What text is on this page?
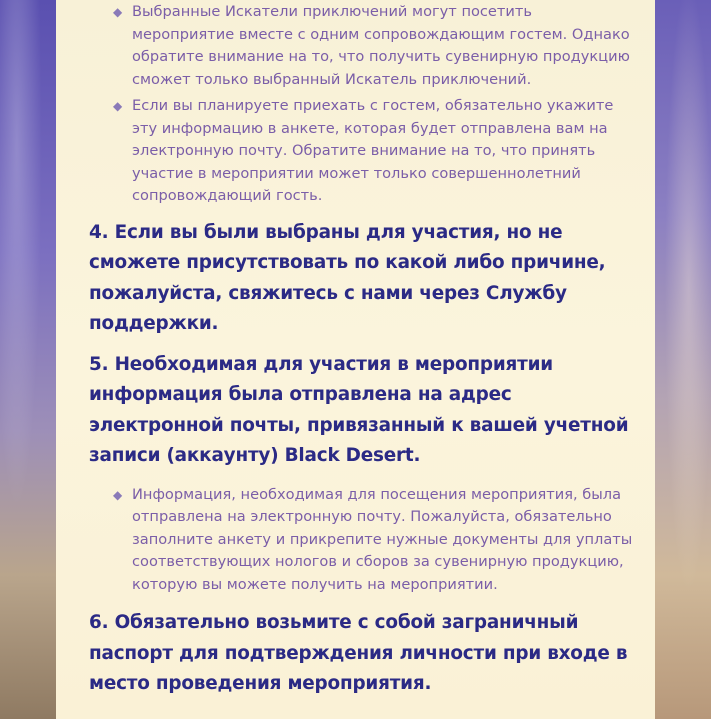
◆ Выбранные Искатели приключений могут посетить мероприятие вместе с одним сопровождающим гостем. Однако обратите внимание на то, что получить сувенирную продукцию сможет только выбранный Искатель приключений.
◆ Если вы планируете приехать с гостем, обязательно укажите эту информацию в анкете, которая будет отправлена вам на электронную почту. Обратите внимание на то, что принять участие в мероприятии может только совершеннолетний сопровождающий гость.
4. Если вы были выбраны для участия, но не сможете присутствовать по какой либо причине, пожалуйста, свяжитесь с нами через Службу поддержки.
5. Необходимая для участия в мероприятии информация была отправлена на адрес электронной почты, привязанный к вашей учетной записи (аккаунту) Black Desert.
◆ Информация, необходимая для посещения мероприятия, была отправлена на электронную почту. Пожалуйста, обязательно заполните анкету и прикрепите нужные документы для уплаты соответствующих нологов и сборов за сувенирную продукцию, которую вы можете получить на мероприятии.
6. Обязательно возьмите с собой заграничный паспорт для подтверждения личности при входе в место проведения мероприятия.
